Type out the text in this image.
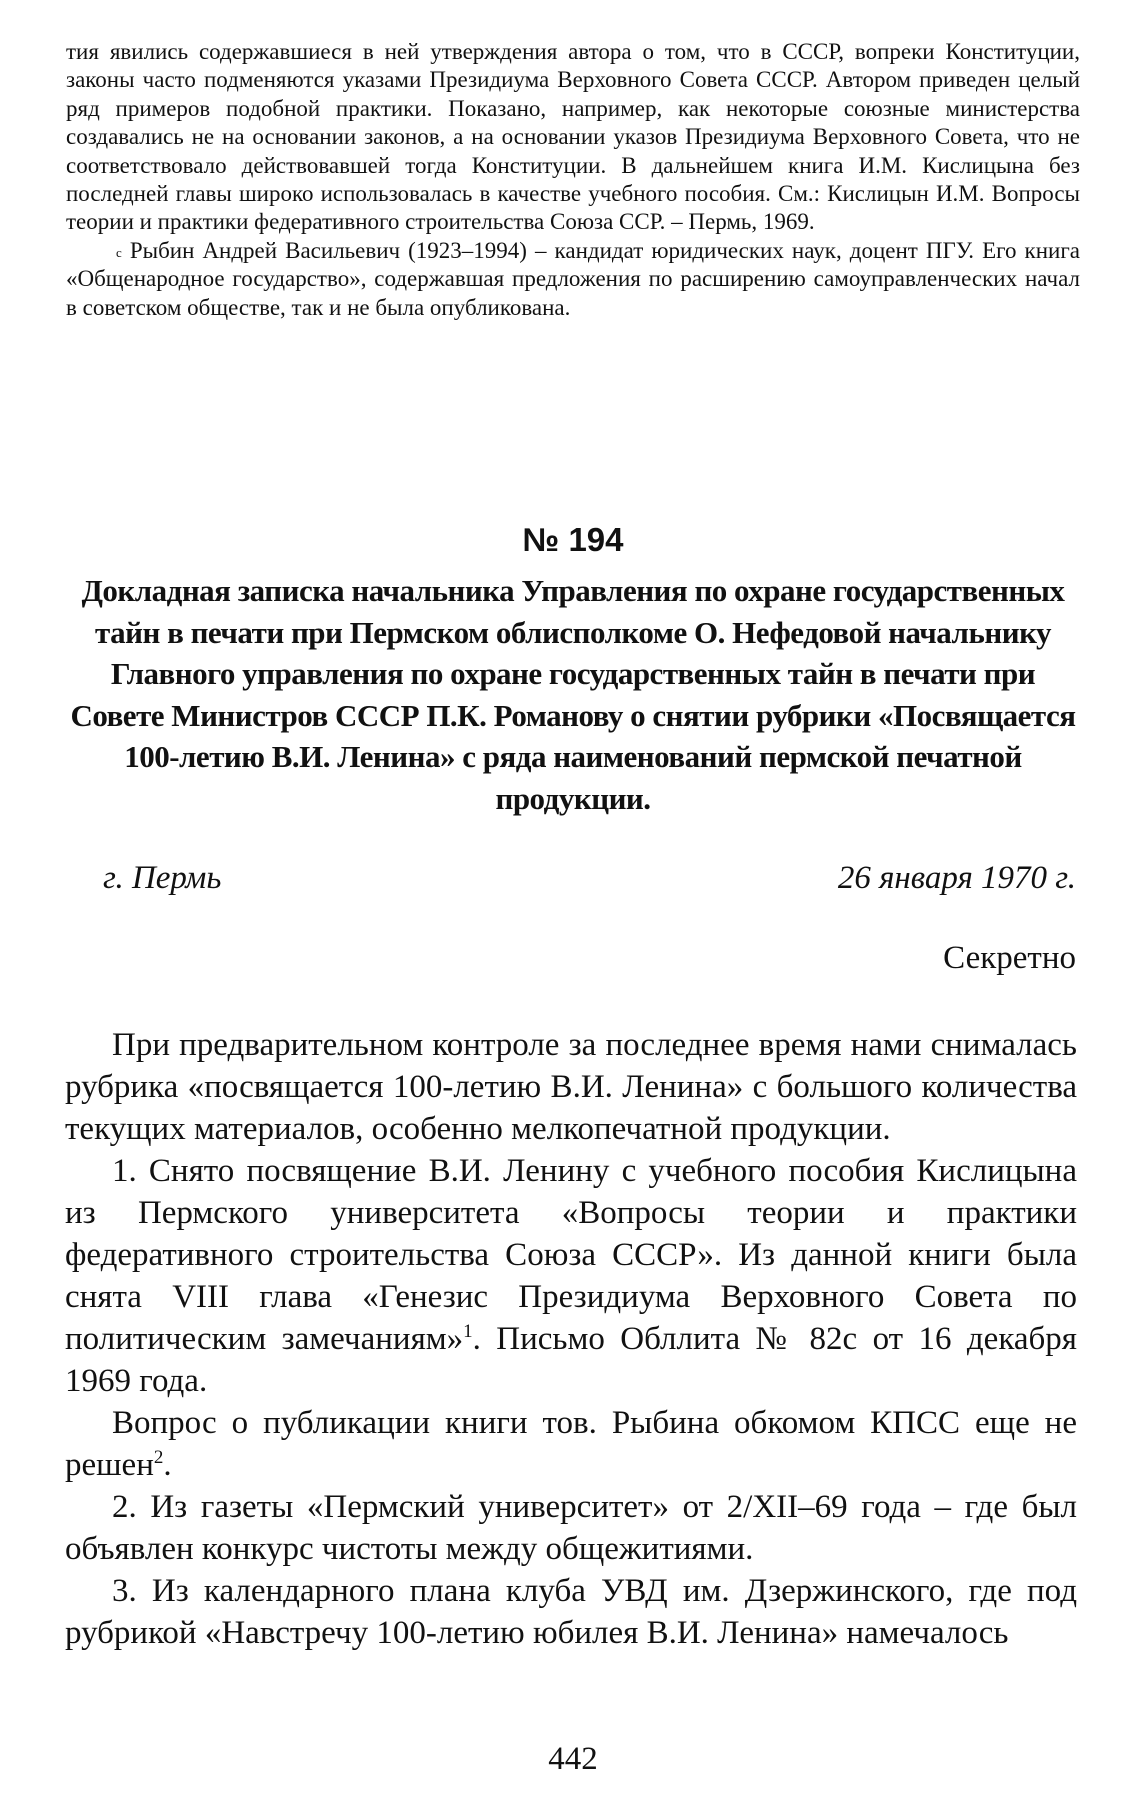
тия явились содержавшиеся в ней утверждения автора о том, что в СССР, вопреки Конституции, законы часто подменяются указами Президиума Верховного Совета СССР. Автором приведен целый ряд примеров подобной практики. Показано, например, как некоторые союзные министерства создавались не на основании законов, а на основании указов Президиума Верховного Совета, что не соответствовало действовавшей тогда Конституции. В дальнейшем книга И.М. Кислицына без последней главы широко использовалась в качестве учебного пособия. См.: Кислицын И.М. Вопросы теории и практики федеративного строительства Союза ССР. – Пермь, 1969.

$^с$ Рыбин Андрей Васильевич (1923–1994) – кандидат юридических наук, доцент ПГУ. Его книга «Общенародное государство», содержавшая предложения по расширению самоуправленческих начал в советском обществе, так и не была опубликована.

№ 194
Докладная записка начальника Управления по охране государственных тайн в печати при Пермском облисполкоме О. Нефедовой начальнику Главного управления по охране государственных тайн в печати при Совете Министров СССР П.К. Романову о снятии рубрики «Посвящается 100-летию В.И. Ленина» с ряда наименований пермской печатной продукции.
г. Пермь	26 января 1970 г.
Секретно

При предварительном контроле за последнее время нами снималась рубрика «посвящается 100-летию В.И. Ленина» с большого количества текущих материалов, особенно мелкопечатной продукции.

1. Снято посвящение В.И. Ленину с учебного пособия Кислицына из Пермского университета «Вопросы теории и практики федеративного строительства Союза СССР». Из данной книги была снята VIII глава «Генезис Президиума Верховного Совета по политическим замечаниям»$^1$. Письмо Обллита № 82с от 16 декабря 1969 года.

Вопрос о публикации книги тов. Рыбина обкомом КПСС еще не решен$^2$.

2. Из газеты «Пермский университет» от 2/XII–69 года – где был объявлен конкурс чистоты между общежитиями.

3. Из календарного плана клуба УВД им. Дзержинского, где под рубрикой «Навстречу 100-летию юбилея В.И. Ленина» намечалось

442
